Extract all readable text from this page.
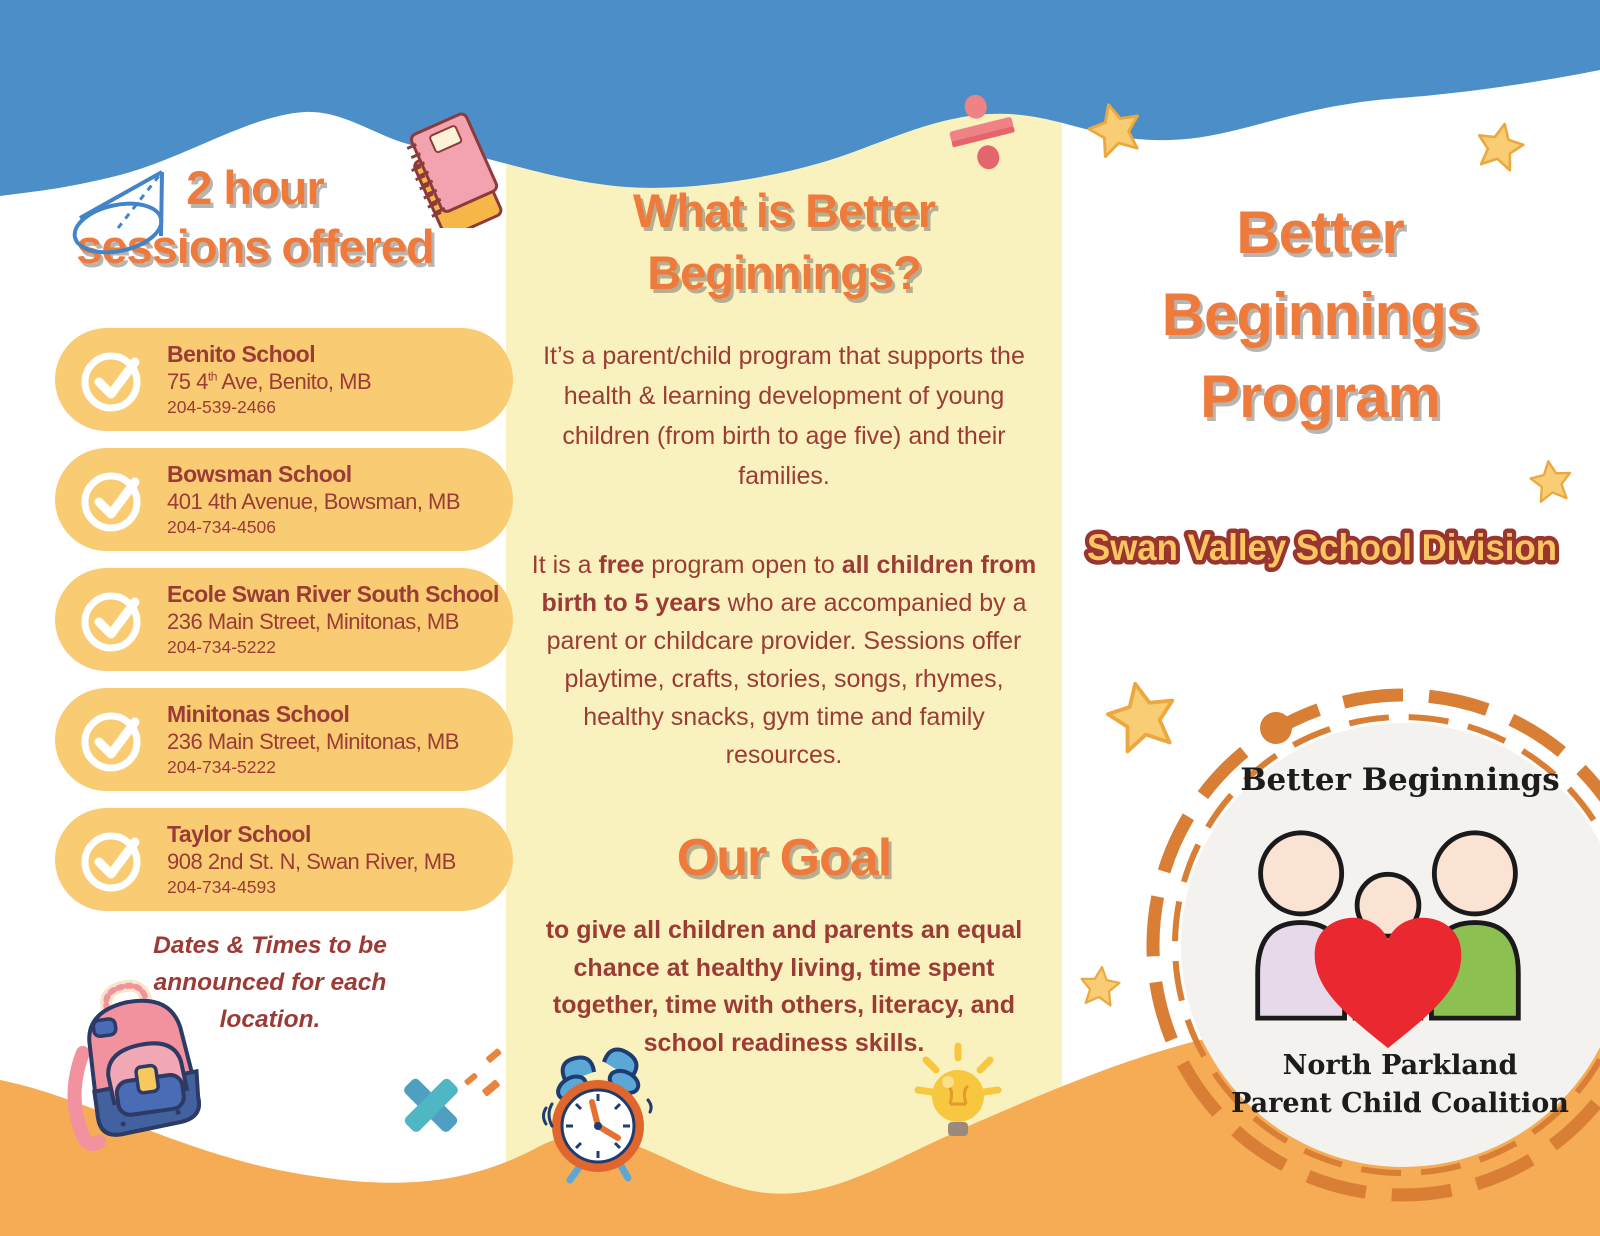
2 hour
sessions offered
Benito School
75 4th Ave, Benito, MB
204-539-2466
Bowsman School
401 4th Avenue, Bowsman, MB
204-734-4506
Ecole Swan River South School
236 Main Street, Minitonas, MB
204-734-5222
Minitonas School
236 Main Street, Minitonas, MB
204-734-5222
Taylor School
908 2nd St. N, Swan River, MB
204-734-4593
Dates & Times to be
announced for each
location.
What is Better
Beginnings?
It’s a parent/child program that supports the health & learning development of young children (from birth to age five) and their families.
It is a free program open to all children from birth to 5 years who are accompanied by a parent or childcare provider. Sessions offer playtime, crafts, stories, songs, rhymes, healthy snacks, gym time and family resources.
Our Goal
to give all children and parents an equal chance at healthy living, time spent together, time with others, literacy, and school readiness skills.
Better
Beginnings
Program
Swan Valley School Division
Better Beginnings
North Parkland
Parent Child Coalition
